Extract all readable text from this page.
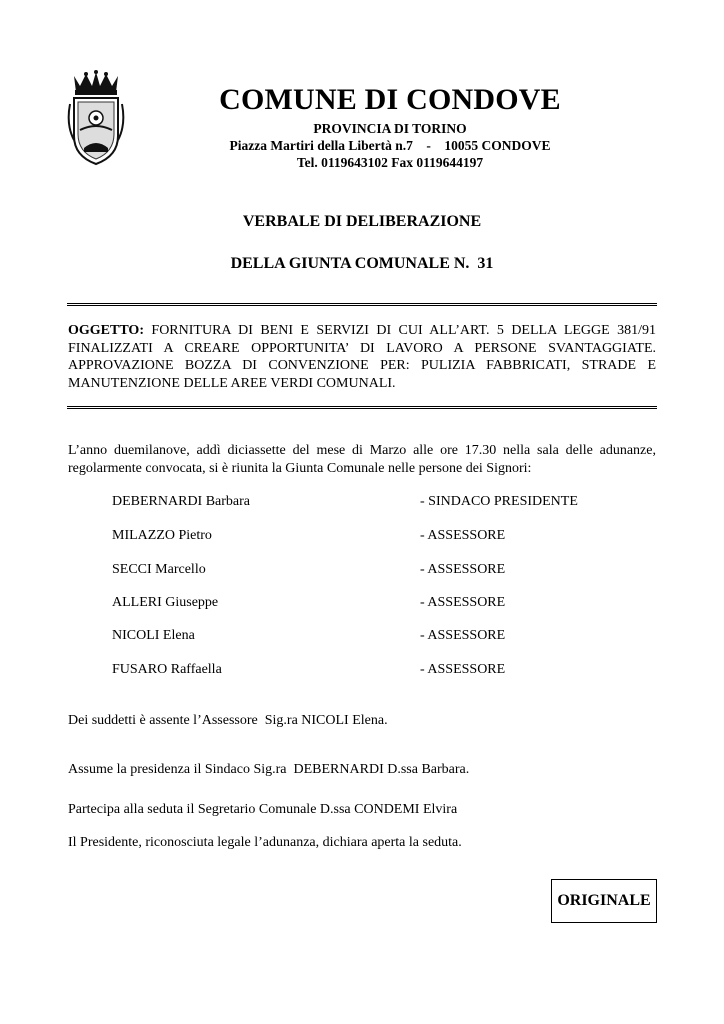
COMUNE DI CONDOVE
PROVINCIA DI TORINO
Piazza Martiri della Libertà n.7    -    10055 CONDOVE
Tel. 0119643102 Fax 0119644197
VERBALE DI DELIBERAZIONE
DELLA GIUNTA COMUNALE N.  31
OGGETTO: FORNITURA DI BENI E SERVIZI DI CUI ALL’ART. 5 DELLA LEGGE 381/91 FINALIZZATI A CREARE OPPORTUNITA’ DI LAVORO A PERSONE SVANTAGGIATE. APPROVAZIONE BOZZA DI CONVENZIONE PER: PULIZIA FABBRICATI, STRADE E MANUTENZIONE DELLE AREE VERDI COMUNALI.
L’anno duemilanove, addì diciassette del mese di Marzo alle ore 17.30 nella sala delle adunanze, regolarmente convocata, si è riunita la Giunta Comunale nelle persone dei Signori:
DEBERNARDI Barbara	- SINDACO PRESIDENTE
MILAZZO Pietro	- ASSESSORE
SECCI Marcello	- ASSESSORE
ALLERI Giuseppe	- ASSESSORE
NICOLI Elena	- ASSESSORE
FUSARO Raffaella	- ASSESSORE
Dei suddetti è assente l’Assessore  Sig.ra NICOLI Elena.
Assume la presidenza il Sindaco Sig.ra  DEBERNARDI D.ssa Barbara.
Partecipa alla seduta il Segretario Comunale D.ssa CONDEMI Elvira
Il Presidente, riconosciuta legale l’adunanza, dichiara aperta la seduta.
ORIGINALE
